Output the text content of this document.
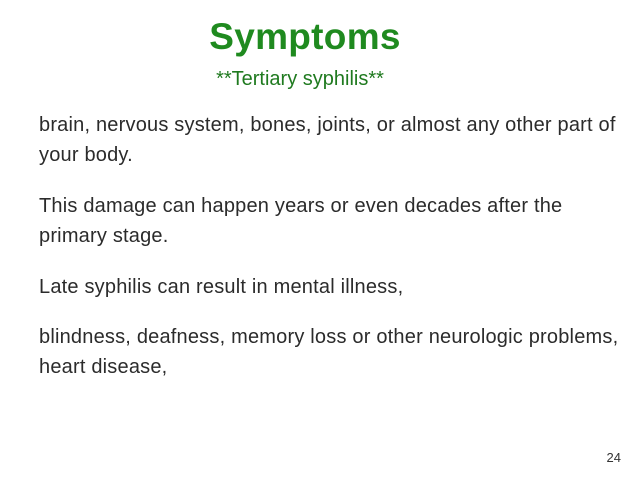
Symptoms
**Tertiary syphilis**
brain, nervous system, bones, joints, or almost any other part of your body.
This damage can happen years or even decades after the primary stage.
Late syphilis can result in mental illness,
blindness, deafness, memory loss or other neurologic problems, heart disease,
24
